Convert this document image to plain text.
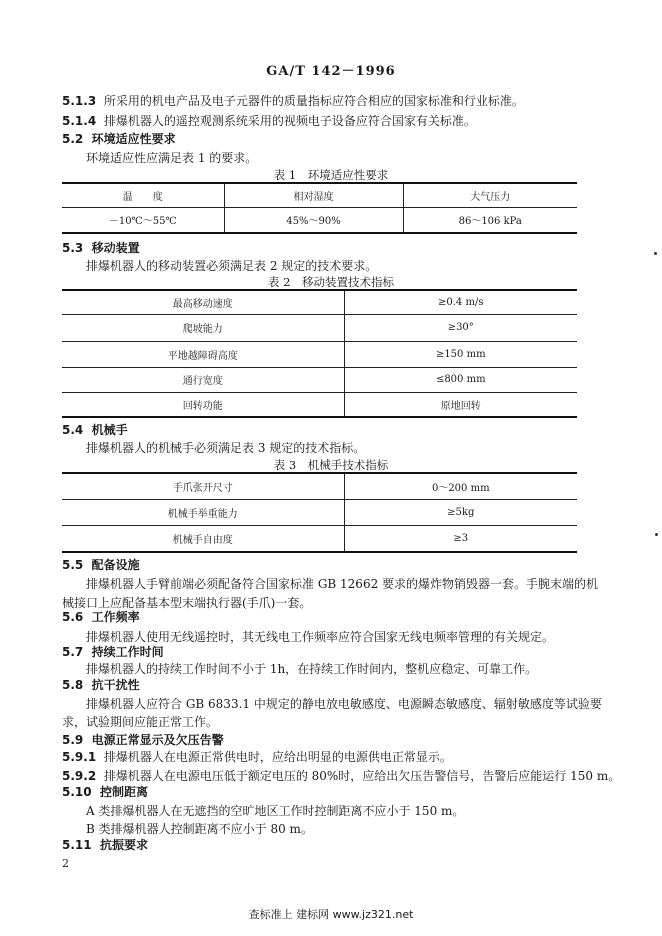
GA/T 142－1996
5.1.3 所采用的机电产品及电子元器件的质量指标应符合相应的国家标准和行业标准。
5.1.4 排爆机器人的遥控观测系统采用的视频电子设备应符合国家有关标准。
5.2 环境适应性要求
环境适应性应满足表 1 的要求。
表 1　环境适应性要求
温　　度	相对湿度	大气压力
－10℃～55℃	45%～90%	86～106 kPa
5.3 移动装置
排爆机器人的移动装置必须满足表 2 规定的技术要求。
表 2　移动装置技术指标
最高移动速度	≥0.4 m/s
爬坡能力	≥30°
平地越障碍高度	≥150 mm
通行宽度	≤800 mm
回转功能	原地回转
5.4 机械手
排爆机器人的机械手必须满足表 3 规定的技术指标。
表 3　机械手技术指标
手爪张开尺寸	0～200 mm
机械手举重能力	≥5kg
机械手自由度	≥3
5.5 配备设施
排爆机器人手臂前端必须配备符合国家标准 GB 12662 要求的爆炸物销毁器一套。手腕末端的机
械接口上应配备基本型末端执行器(手爪)一套。
5.6 工作频率
排爆机器人使用无线遥控时，其无线电工作频率应符合国家无线电频率管理的有关规定。
5.7 持续工作时间
排爆机器人的持续工作时间不小于 1h，在持续工作时间内，整机应稳定、可靠工作。
5.8 抗干扰性
排爆机器人应符合 GB 6833.1 中规定的静电放电敏感度、电源瞬态敏感度、辐射敏感度等试验要
求，试验期间应能正常工作。
5.9 电源正常显示及欠压告警
5.9.1 排爆机器人在电源正常供电时，应给出明显的电源供电正常显示。
5.9.2 排爆机器人在电源电压低于额定电压的 80%时，应给出欠压告警信号，告警后应能运行 150 m。
5.10 控制距离
A 类排爆机器人在无遮挡的空旷地区工作时控制距离不应小于 150 m。
B 类排爆机器人控制距离不应小于 80 m。
5.11 抗振要求
2
查标准上 建标网 www.jz321.net
